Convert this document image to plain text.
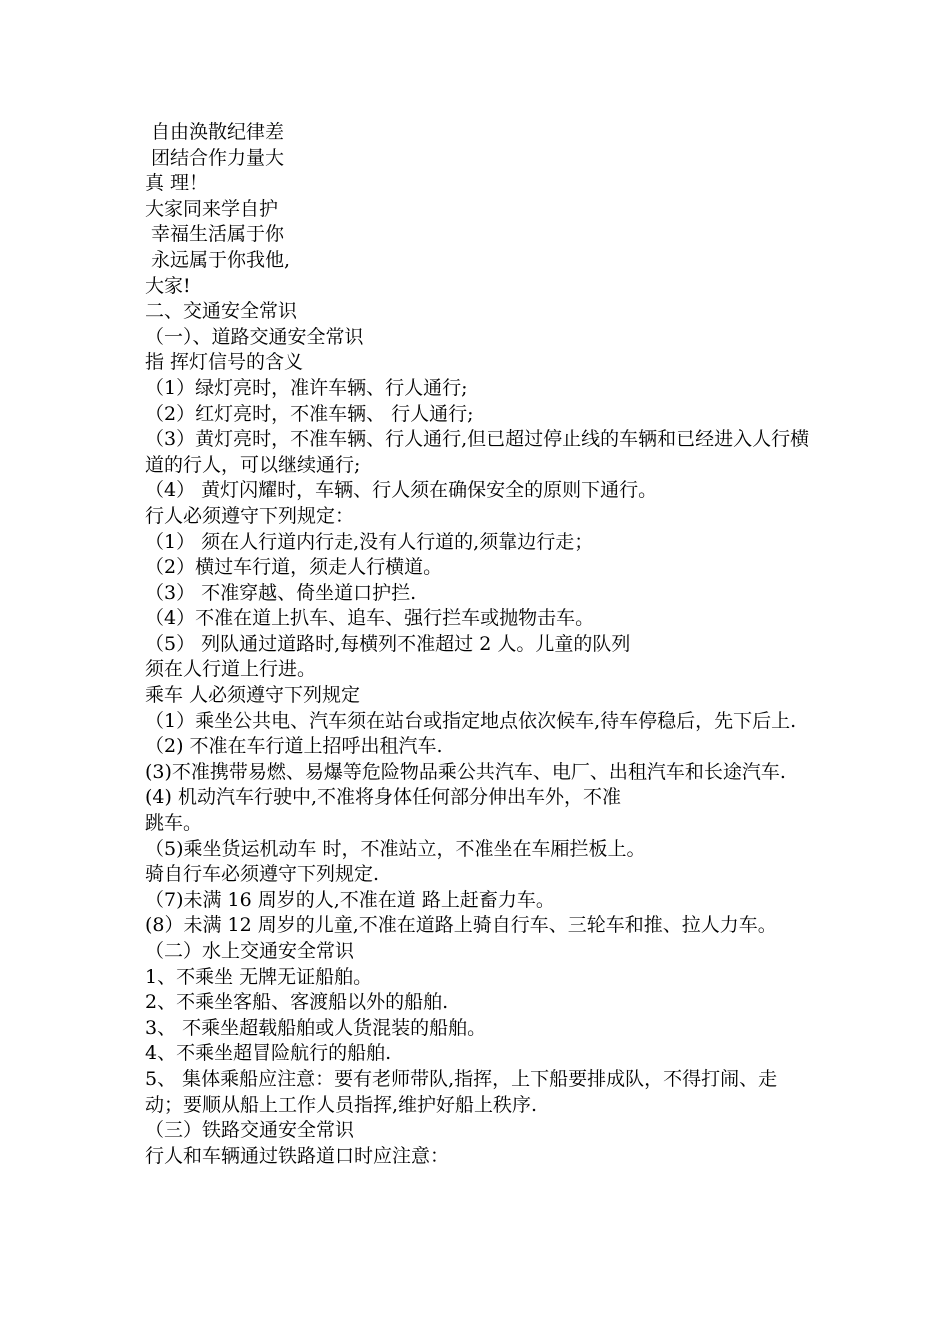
自由涣散纪律差

团结合作力量大

真 理！

大家同来学自护

幸福生活属于你

永远属于你我他,

大家!

二、交通安全常识

（一）、道路交通安全常识

指 挥灯信号的含义

（1）绿灯亮时，准许车辆、行人通行;

（2）红灯亮时，不准车辆、 行人通行;

（3）黄灯亮时，不准车辆、行人通行,但已超过停止线的车辆和已经进入人行横道的行人，可以继续通行;

（4） 黄灯闪耀时，车辆、行人须在确保安全的原则下通行。

行人必须遵守下列规定：

（1） 须在人行道内行走,没有人行道的,须靠边行走；

（2）横过车行道，须走人行横道。

（3） 不准穿越、倚坐道口护拦.

（4）不准在道上扒车、追车、强行拦车或抛物击车。

（5） 列队通过道路时,每横列不准超过 2 人。儿童的队列

须在人行道上行进。

乘车 人必须遵守下列规定

（1）乘坐公共电、汽车须在站台或指定地点依次候车,待车停稳后，先下后上.

（2) 不准在车行道上招呼出租汽车.

(3)不准携带易燃、易爆等危险物品乘公共汽车、电厂、出租汽车和长途汽车.

(4) 机动汽车行驶中,不准将身体任何部分伸出车外，不准

跳车。

（5)乘坐货运机动车 时，不准站立，不准坐在车厢拦板上。

骑自行车必须遵守下列规定.

（7)未满 16 周岁的人,不准在道 路上赶畜力车。

(8）未满 12 周岁的儿童,不准在道路上骑自行车、三轮车和推、拉人力车。

（二）水上交通安全常识

1、不乘坐 无牌无证船舶。

2、不乘坐客船、客渡船以外的船舶.

3、 不乘坐超载船舶或人货混装的船舶。

4、不乘坐超冒险航行的船舶.

5、 集体乘船应注意：要有老师带队,指挥，上下船要排成队，不得打闹、走动；要顺从船上工作人员指挥,维护好船上秩序.

（三）铁路交通安全常识

行人和车辆通过铁路道口时应注意：
